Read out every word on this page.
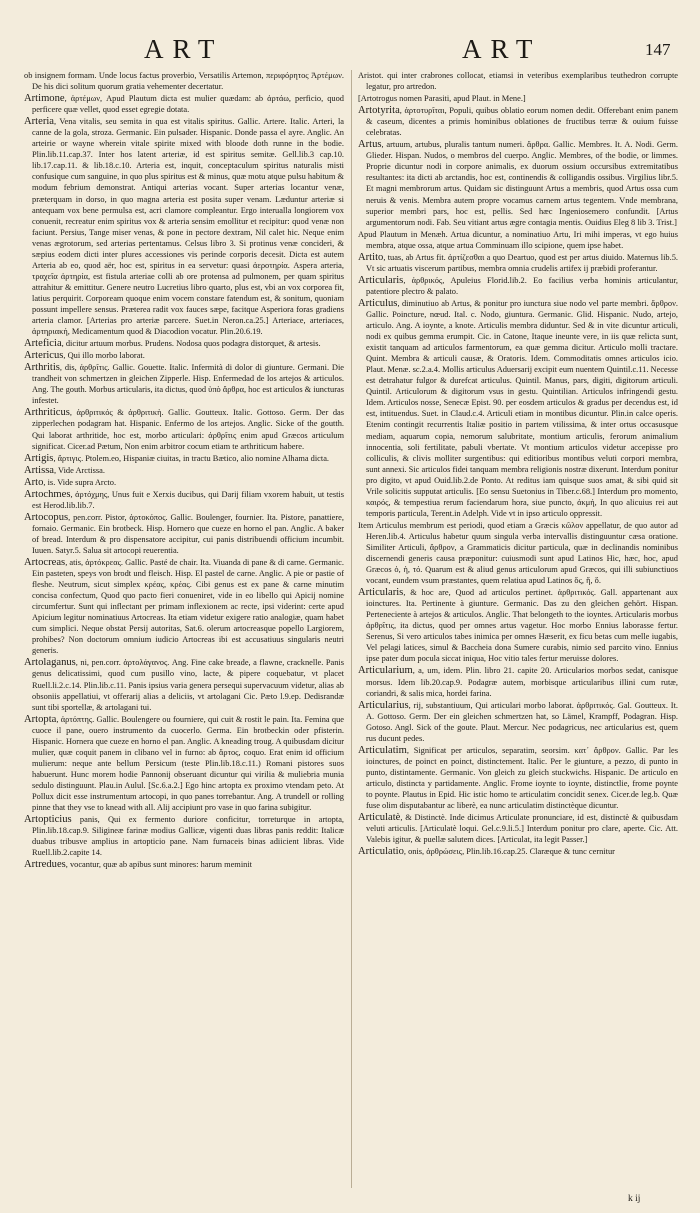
ART	ART	147

ob insignem formam. Unde locus factus proverbio, Versatilis Artemon, περιφόρητος Ἀρτέμων. De his dici solitum quorum gratia vehementer decertatur.

Artimone, ἀρτέμων, Apud Plautum dicta est mulier quædam: ab ἀρτάω, perficio, quod perficere quæ vellet, quod esset egregie dotata.

Arteria, Vena vitalis, seu semita in qua est vitalis spiritus. Gallic. Artere. Italic. Arteri, la canne de la gola, stroza. Germanic. Ein pulsader. Hispanic. Donde passa el ayre. Anglic. An arteirie or wayne wherein vitale spirite mixed with bloode doth runne in the bodie. Plin.lib.11.cap.37. Inter hos latent arteriæ, id est spiritus semitæ. Gell.lib.3 cap.10. lib.17.cap.11. & lib.18.c.10. Arteria est, inquit, conceptaculum spiritus naturalis misti confusique cum sanguine, in quo plus spiritus est & minus, quæ motu atque pulsu habitum & modum febrium demonstrat. Antiqui arterias vocant. Super arterias locantur venæ, præterquam in dorso, in quo magna arteria est posita super venam. Læduntur arteriæ si antequam vox bene permulsa est, acri clamore compleantur. Ergo interualla longiorem vox conuenit, recreatur enim spiritus vox & arteria sensim emollitur et recipitur: quod venæ non faciunt. Persius, Tange miser venas, & pone in pectore dextram, Nil calet hic. Neque enim venas ægrotorum, sed arterias pertentamus. Celsus libro 3. Si protinus venæ concideri, & sæpius eodem dicti inter plures accessiones vis perinde corporis decesit. Dicta est autem Arteria ab eo, quod aër, hoc est, spiritus in ea servetur: quasi ἀεροτηρία. Aspera arteria, τραχεῖα ἀρτηρία, est fistula arteriae colli ab ore protensa ad pulmonem, per quam spiritus attrahitur & emittitur. Genere neutro Lucretius libro quarto, plus est, vbi an vox corporea fit, latius perquirit. Corpoream quoque enim vocem constare fatendum est, & sonitum, quoniam possunt impellere sensus. Præterea radit vox fauces sæpe, facitque Asperiora foras gradiens arteria clamor. [Arterias pro arteriæ parcere. Suet.in Neron.ca.25.] Arteriace, arteriaces, ἀρτηριακή, Medicamentum quod & Diacodion vocatur. Plin.20.6.19.

Arteficia, dicitur artuum morbus. Prudens. Nodosa quos podagra distorquet, & artesis.

Artericus, Qui illo morbo laborat.

Arthritis, dis, ἀρθρῖτις. Gallic. Gouette. Italic. Infermità di dolor di giunture. Germani. Die trandheit von schmertzen in gleichen Zipperle. Hisp. Enfermedad de los artejos & articulos. Ang. The gouth. Morbus articularis, ita dictus, quod ὑπὸ ἄρθρα, hoc est articulos & iuncturas infestet.

Arthriticus, ἀρθριτικός & ἀρθριτικὴ. Gallic. Goutteux. Italic. Gottoso. Germ. Der das zipperlechen podagram hat. Hispanic. Enfermo de los artejos. Anglic. Sicke of the goutth. Qui laborat arthritide, hoc est, morbo articulari: ἀρθρῖτις enim apud Græcos articulum significat. Cicer.ad Pætum, Non enim arbitror cocum etiam te arthriticum habere.

Artigis, ἄρτιγις. Ptolem.eo, Hispaniæ ciuitas, in tractu Bætico, alio nomine Alhama dicta.

Artissa, Vide Arctissa.

Arto, is. Vide supra Arcto.

Artochmes, ἀρτόχμης, Unus fuit e Xerxis ducibus, qui Darij filiam vxorem habuit, ut testis est Herod.lib.lib.7.

Artocopus, pen.corr. Pistor, ἀρτοκόπος. Gallic. Boulenger, fournier. Ita. Pistore, panattiere, fornaio. Germanic. Ein brotbeck. Hisp. Hornero que cueze en horno el pan. Anglic. A baker of bread. Interdum & pro dispensatore accipitur, cui panis distribuendi officium incumbit. Iuuen. Satyr.5. Salua sit artocopi reuerentia.

Artocreas, atis, ἀρτόκρεας. Gallic. Pasté de chair. Ita. Viuanda di pane & di carne. Germanic. Ein pasteten, speys von brodt und fleisch. Hisp. El pastel de carne. Anglic. A pie or pastie of fleshe. Neutrum, sicut simplex κρέας, κρέας. Cibi genus est ex pane & carne minutim concisa confectum, Quod quo pacto fieri conueniret, vide in eo libello qui Apicij nomine circumfertur. Sunt qui inflectant per primam inflexionem ac recte, ipsi viderint: certe apud Apicium legitur nominatiuus Artocreas. Ita etiam videtur exigere ratio analogiæ, quam habet cum simplici. Neque obstat Persij autoritas, Sat.6. olerum artocreasque popello Largiorem, prohibes? Non doctorum omnium iudicio Artocreas ibi est accusatiuus singularis neutri generis.

Artolaganus, ni, pen.corr. ἀρτολάγανος. Ang. Fine cake breade, a flawne, cracknelle. Panis genus delicatissimi, quod cum pusillo vino, lacte, & pipere coquebatur, vt placet Ruell.li.2.c.14. Plin.lib.c.11. Panis ipsius varia genera persequi supervacuum videtur, alias ab obsoniis appellatiui, vt offerarij alias a deliciis, vt artolagani Cic. Pæto l.9.ep. Dedisrandæ sunt tibi sportellæ, & artolagani tui.

Artopta, ἀρτόπτης. Gallic. Boulengere ou fourniere, qui cuit & rostit le pain. Ita. Femina que cuoce il pane, ouero instrumento da cuocerlo. Germa. Ein brotbeckin oder pfisterin. Hispanic. Hornera que cueze en horno el pan. Anglic. A kneading troug. A quibusdam dicitur mulier, quæ coquit panem in clibano vel in furno: ab ἄρτος, coquo. Erat enim id officium mulierum: neque ante bellum Persicum (teste Plin.lib.18.c.11.) Romani pistores suos habuerunt. Hunc morem hodie Pannonij obseruant dicuntur qui virilia & muliebria munia sedulo distinguunt. Plau.in Aulul. [Sc.6.a.2.] Ego hinc artopta ex proximo vtendam peto. At Pollux dicit esse instrumentum artocopi, in quo panes torrebantur. Ang. A trundell or rolling pinne that they vse to knead with all. Alij accipiunt pro vase in quo farina subigitur.

Artopticius panis, Qui ex fermento duriore conficitur, torreturque in artopta, Plin.lib.18.cap.9. Siligineæ farinæ modius Gallicæ, vigenti duas libras panis reddit: Italicæ duabus tribusve amplius in artopticio pane. Nam furnaceis binas adiicient libras. Vide Ruell.lib.2.capite 14.

Artredues, vocantur, quæ ab apibus sunt minores: harum meminit

Aristot. qui inter crabrones collocat, etiamsi in veteribus exemplaribus teuthedron corrupte legatur, pro artredon.

[Artotrogus nomen Parasiti, apud Plaut. in Mene.]

Artotyrita, ἀρτοτυρῖται, Populi, quibus oblatio eorum nomen dedit. Offerebant enim panem & caseum, dicentes a primis hominibus oblationes de fructibus terræ & ouium fuisse celebratas.

Artus, artuum, artubus, pluralis tantum numeri. ἄρθρα. Gallic. Membres. It. A. Nodi. Germ. Glieder. Hispan. Nudos, o membros del cuerpo. Anglic. Membres, of the bodie, or limmes. Proprie dicuntur nodi in corpore animalis, ex duorum ossium occursibus extremitatibus resultantes: ita dicti ab arctandis, hoc est, continendis & colligandis ossibus. Virgilius libr.5. Et magni membrorum artus. Quidam sic distinguunt Artus a membris, quod Artus ossa cum neruis & venis. Membra autem propre vocamus carnem artus tegentem. Vnde membrana, superior membri pars, hoc est, pellis. Sed hæc Ingeniosemero confundit. [Artus argumentorum nodi. Fab. Seu vitiant artus ægre contagia mentis. Ouidius Eleg 8 lib 3. Trist.]

Apud Plautum in Menæh. Artua dicuntur, a nominatiuo Artu, Iri mihi imperas, vt ego huius membra, atque ossa, atque artua Comminuam illo scipione, quem ipse habet.

Artito, tuas, ab Artus fit. ἀρτίζεσθαι a quo Deartuo, quod est per artus diuido. Maternus lib.5. Vt sic artuatis viscerum partibus, membra omnia crudelis artifex ij præbidi proferantur.

Articularis, ἀρθρικός, Apuleius Florid.lib.2. Eo facilius verba hominis articulantur, patentiore plectro & palato.

Articulus, diminutiuo ab Artus, & ponitur pro iunctura siue nodo vel parte membri. ἄρθρον. Gallic. Poincture, nœud. Ital. c. Nodo, giuntura. Germanic. Glid. Hispanic. Nudo, artejo, articulo. Ang. A ioynte, a knote. Articulis membra diduntur. Sed & in vite dicuntur articuli, nodi ex quibus gemma erumpit. Cic. in Catone, Itaque ineunte vere, in iis quæ relicta sunt, existit tanquam ad articulos farmentorum, ea quæ gemma dicitur. Articulo molli tractare. Quint. Membra & articuli causæ, & Oratoris. Idem. Commoditatis omnes articulos icio. Plaut. Menæ. sc.2.a.4. Mollis articulus Aduersarij excipit eum nuentem Quintil.c.11. Necesse est detrahatur fulgor & durefcat articulus. Quintil. Manus, pars, digiti, digitorum articuli. Quintil. Articulorum & digitorum vsus in gestu. Quintilian. Articulos infringendi gestu. Idem. Articulos nosse, Senecæ Epist. 90. per eosdem articulos & gradus per decendus est, id est, intituendus. Suet. in Claud.c.4. Articuli etiam in montibus dicuntur. Plin.in calce operis. Etenim contingit recurrentis Italiæ positio in partem vtilissima, & inter ortus occasusque mediam, aquarum copia, nemorum salubritate, montium articulis, ferorum animalium innocentia, soli fertilitate, pabuli vbertate. Vt montium articulos videtur accepisse pro colliculis, & clivis molliter surgentibus: qui editioribus montibus veluti corpori membra, sunt annexi. Sic articulos fidei tanquam membra religionis nostræ dixerunt. Interdum ponitur pro digito, vt apud Ouid.lib.2.de Ponto. At reditus iam quisque suos amat, & sibi quid sit Vrile solicitis supputat articulis. [Eo sensu Suetonius in Tiber.c.68.] Interdum pro momento, καιρός, & tempestiua rerum faciendarum hora, siue puncto, ἀκμή, In quo alicuius rei aut temporis particula, Terent.in Adelph. Vide vt in ipso articulo oppressit.

Item Articulus membrum est periodi, quod etiam a Græcis κῶλον appellatur, de quo autor ad Heren.lib.4. Articulus habetur quum singula verba intervallis distinguuntur cæsa oratione. Similiter Articuli, ἄρθρον, a Grammaticis dicitur particula, quæ in declinandis nominibus discernendi generis causa præponitur: cuiusmodi sunt apud Latinos Hic, hæc, hoc, apud Græcos ὁ, ἡ, τό. Quarum est & aliud genus articulorum apud Græcos, qui illi subiunctiuos vocant, eundem vsum præstantes, quem relatiua apud Latinos ὅς, ἥ, ὅ.

Articularis, & hoc are, Quod ad articulos pertinet. ἀρθριτικός. Gall. appartenant aux ioinctures. Ita. Pertinente à giunture. Germanic. Das zu den gleichen gehört. Hispan. Perteneciente à artejos & articulos. Anglic. That belongeth to the ioyntes. Articularis morbus ἀρθρῖτις, ita dictus, quod per omnes artus vagetur. Hoc morbo Ennius laborasse fertur. Serenus, Si vero articulos tabes inimica per omnes Hæserit, ex ficu betas cum melle iugabis, Vel pelagi latices, simul & Baccheia dona Sumere curabis, nimio sed parcito vino. Ennius ipse pater dum pocula siccat iniqua, Hoc vitio tales fertur meruisse dolores.

Articularium, a, um, idem. Plin. libro 21. capite 20. Articularios morbos sedat, canisque morsus. Idem lib.20.cap.9. Podagræ autem, morbisque articularibus illini cum rutæ, coriandri, & salis mica, hordei farina.

Articularius, rij, substantiuum, Qui articulari morbo laborat. ἀρθριτικός. Gal. Goutteux. It. A. Gottoso. Germ. Der ein gleichen schmertzen hat, so Lämel, Krampff, Podagran. Hisp. Gotoso. Angl. Sick of the goute. Plaut. Mercur. Nec podagricus, nec articularius est, quem rus ducunt pedes.

Articulatim, Significat per articulos, separatim, seorsim. κατ᾽ ἄρθρον. Gallic. Par les ioinctures, de poinct en poinct, distinctement. Italic. Per le giunture, a pezzo, di punto in punto, distintamente. Germanic. Von gleich zu gleich stuckwichs. Hispanic. De articulo en articulo, distincta y partidamente. Anglic. Frome ioynte to ioynte, distinctlie, frome poynte to poynte. Plautus in Epid. Hic istic homo te articulatim concidit senex. Cicer.de leg.b. Quæ fuse olim disputabantur ac liberè, ea nunc articulatim distinctèque dicuntur.

Articulatè, & Distinctè. Inde dicimus Articulate pronunciare, id est, distinctè & quibusdam veluti articulis. [Articulatè loqui. Gel.c.9.li.5.] Interdum ponitur pro clare, aperte. Cic. Att. Valebis igitur, & puellæ salutem dices. [Articulat, ita legit Passer.]

Articulatio, onis, ἀρθρώσεις, Plin.lib.16.cap.25. Claræque & tunc cernitur

k ij
